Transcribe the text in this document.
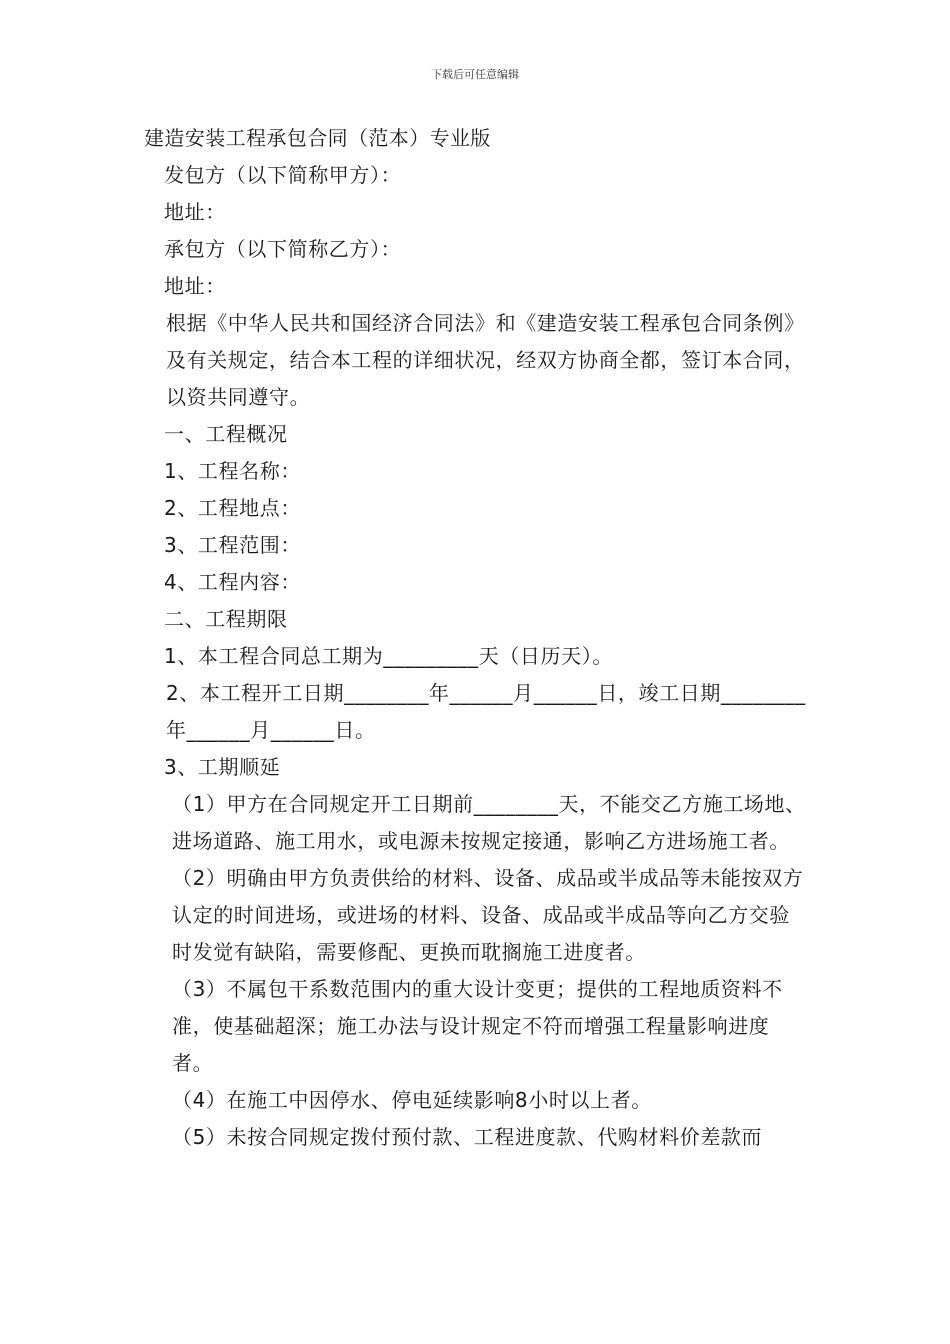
下载后可任意编辑

建造安装工程承包合同（范本）专业版

发包方（以下简称甲方）：

地址：

承包方（以下简称乙方）：

地址：

根据《中华人民共和国经济合同法》和《建造安装工程承包合同条例》及有关规定，结合本工程的详细状况，经双方协商全都，签订本合同，以资共同遵守。

一、工程概况

1、工程名称：

2、工程地点：

3、工程范围：

4、工程内容：

二、工程期限

1、本工程合同总工期为_________天（日历天）。

2、本工程开工日期________年______月______日，竣工日期________年______月______日。

3、工期顺延

（1）甲方在合同规定开工日期前________天，不能交乙方施工场地、进场道路、施工用水，或电源未按规定接通，影响乙方进场施工者。

（2）明确由甲方负责供给的材料、设备、成品或半成品等未能按双方认定的时间进场，或进场的材料、设备、成品或半成品等向乙方交验时发觉有缺陷，需要修配、更换而耽搁施工进度者。

（3）不属包干系数范围内的重大设计变更；提供的工程地质资料不准，使基础超深；施工办法与设计规定不符而增强工程量影响进度者。

（4）在施工中因停水、停电延续影响8小时以上者。

（5）未按合同规定拨付预付款、工程进度款、代购材料价差款而
